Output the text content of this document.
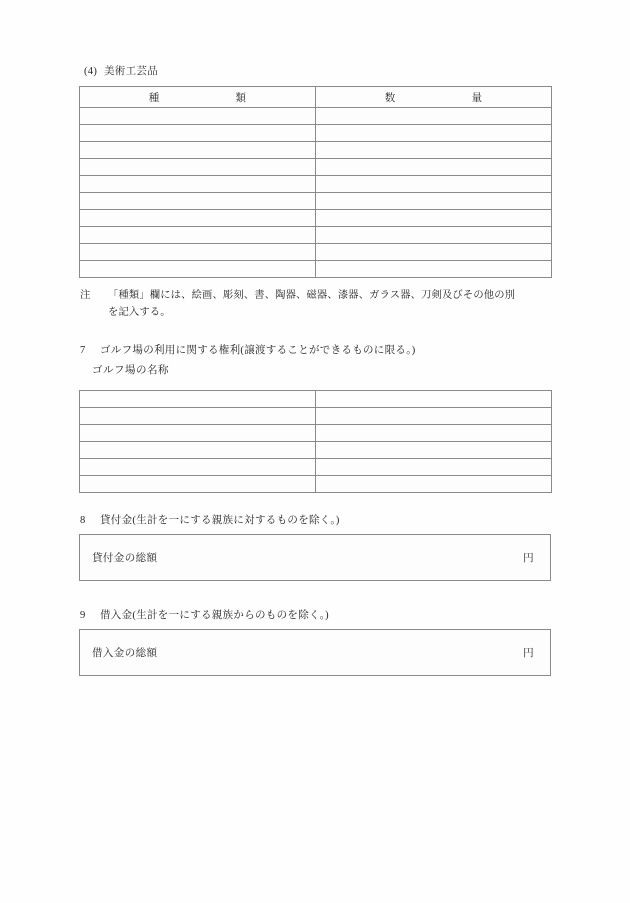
(4) 美術工芸品
種 類	数 量

注 「種類」欄には、絵画、彫刻、書、陶器、磁器、漆器、ガラス器、刀剣及びその他の別
を記入する。
7 ゴルフ場の利用に関する権利(譲渡することができるものに限る。)
ゴルフ場の名称

8 貸付金(生計を一にする親族に対するものを除く。)
貸付金の総額	円
9 借入金(生計を一にする親族からのものを除く。)
借入金の総額	円
